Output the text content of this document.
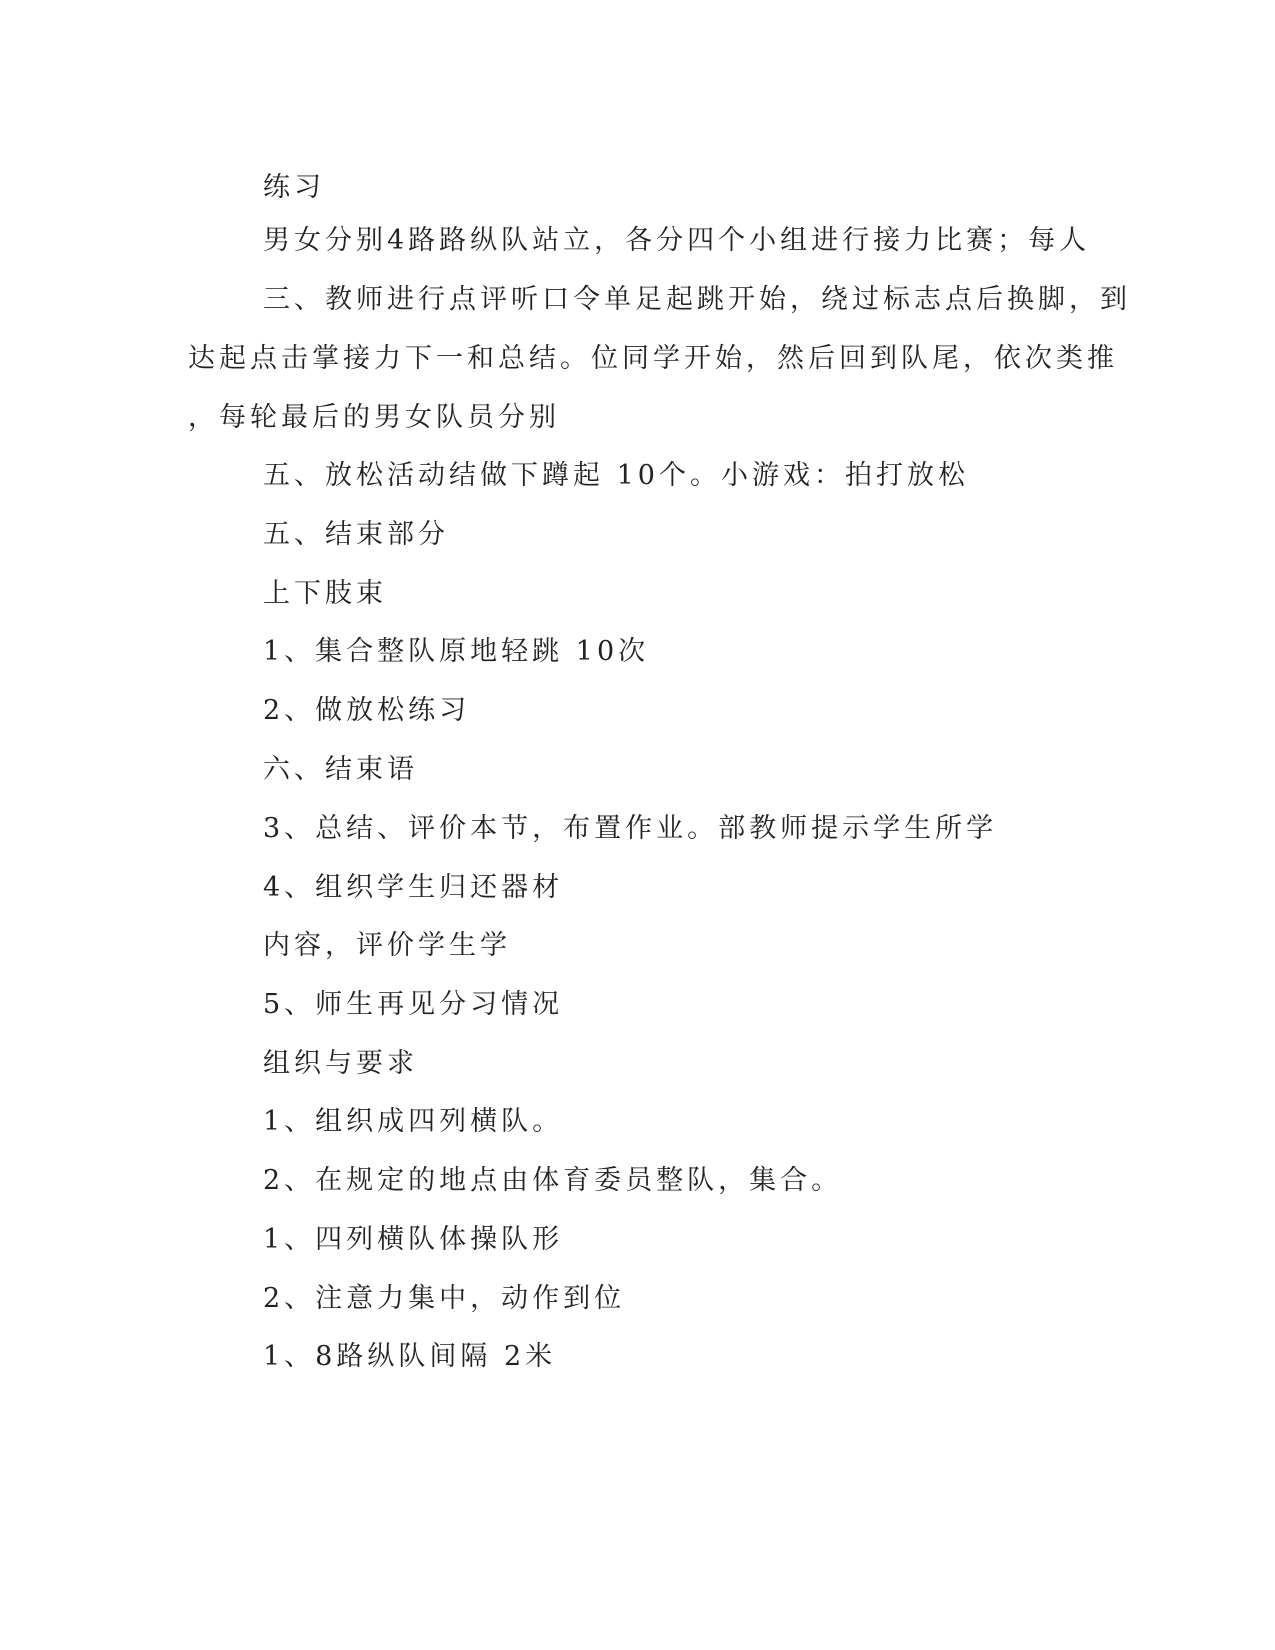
练习

男女分别4路路纵队站立，各分四个小组进行接力比赛；每人

三、教师进行点评听口令单足起跳开始，绕过标志点后换脚，到

达起点击掌接力下一和总结。位同学开始，然后回到队尾，依次类推

，每轮最后的男女队员分别

五、放松活动结做下蹲起 10个。小游戏：拍打放松

五、结束部分

上下肢束

1、集合整队原地轻跳 10次

2、做放松练习

六、结束语

3、总结、评价本节，布置作业。部教师提示学生所学

4、组织学生归还器材

内容，评价学生学

5、师生再见分习情况

组织与要求

1、组织成四列横队。

2、在规定的地点由体育委员整队，集合。

1、四列横队体操队形

2、注意力集中，动作到位

1、8路纵队间隔 2米
